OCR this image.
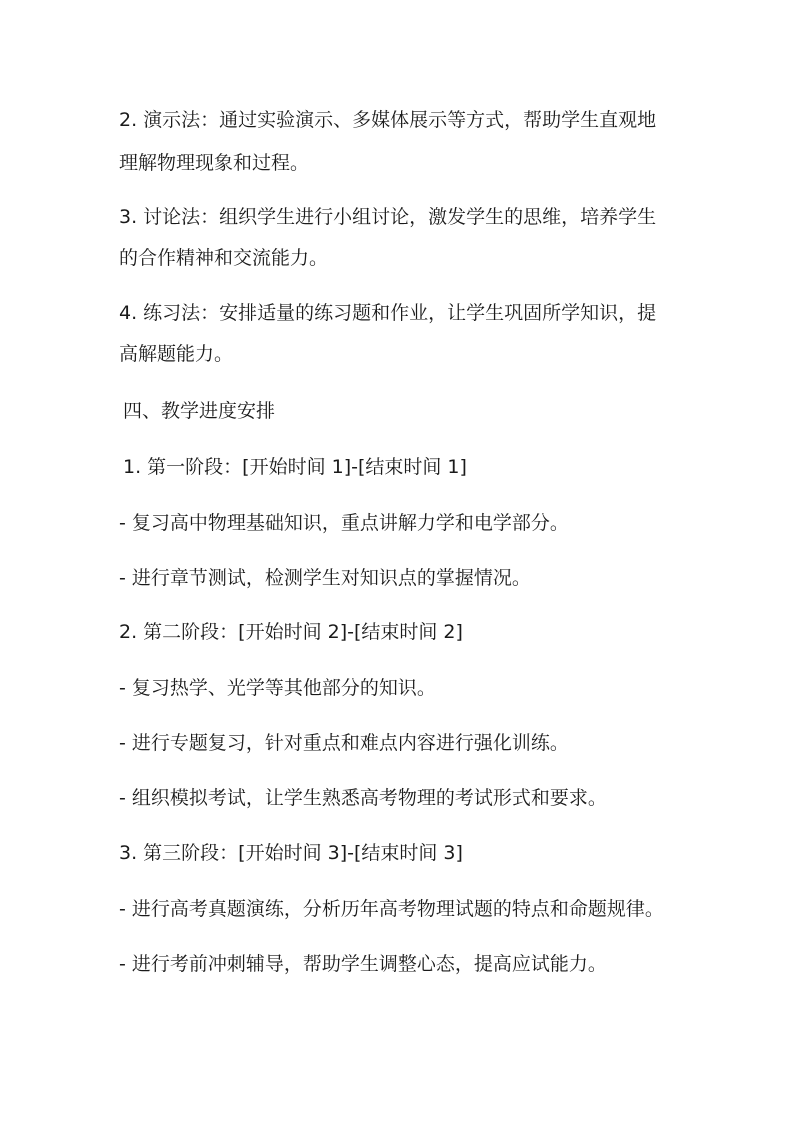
2. 演示法：通过实验演示、多媒体展示等方式，帮助学生直观地

理解物理现象和过程。

3. 讨论法：组织学生进行小组讨论，激发学生的思维，培养学生

的合作精神和交流能力。

4. 练习法：安排适量的练习题和作业，让学生巩固所学知识，提

高解题能力。

四、教学进度安排

1. 第一阶段：[开始时间 1]-[结束时间 1]

- 复习高中物理基础知识，重点讲解力学和电学部分。

- 进行章节测试，检测学生对知识点的掌握情况。

2. 第二阶段：[开始时间 2]-[结束时间 2]

- 复习热学、光学等其他部分的知识。

- 进行专题复习，针对重点和难点内容进行强化训练。

- 组织模拟考试，让学生熟悉高考物理的考试形式和要求。

3. 第三阶段：[开始时间 3]-[结束时间 3]

- 进行高考真题演练，分析历年高考物理试题的特点和命题规律。

- 进行考前冲刺辅导，帮助学生调整心态，提高应试能力。
